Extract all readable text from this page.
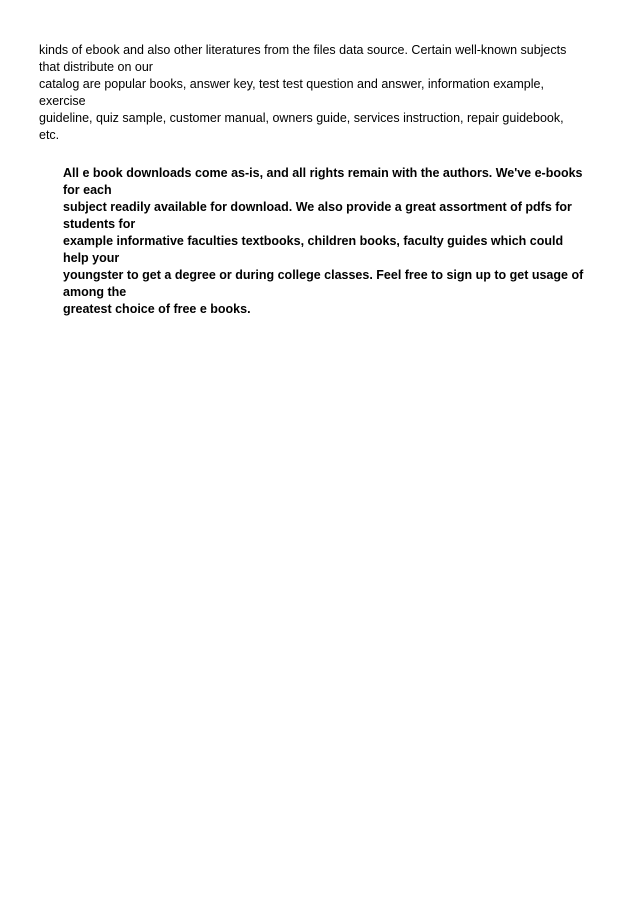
kinds of ebook and also other literatures from the files data source. Certain well-known subjects
that distribute on our
catalog are popular books, answer key, test test question and answer, information example,
exercise
guideline, quiz sample, customer manual, owners guide, services instruction, repair guidebook,
etc.

All e book downloads come as-is, and all rights remain with the authors. We've e-books
for each
subject readily available for download. We also provide a great assortment of pdfs for
students for
example informative faculties textbooks, children books, faculty guides which could
help your
youngster to get a degree or during college classes. Feel free to sign up to get usage of
among the
greatest choice of free e books.
